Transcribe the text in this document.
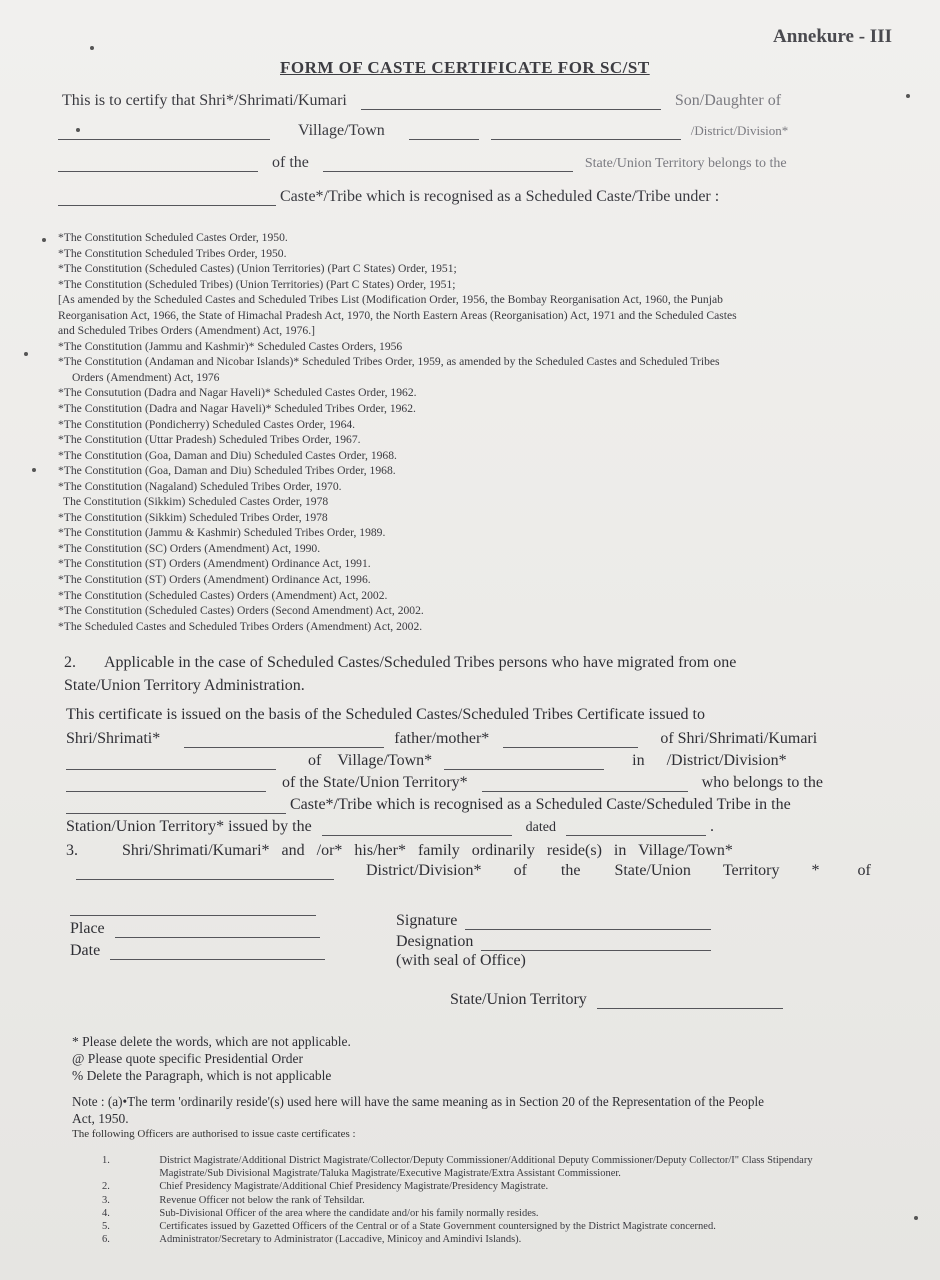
Annekure - III
FORM OF CASTE CERTIFICATE FOR SC/ST
This is to certify that Shri*/Shrimati/Kumari	Son/Daughter of
Village/Town	/District/Division*
of the	State/Union Territory belongs to the
Caste*/Tribe which is recognised as a Scheduled Caste/Tribe under :
*The Constitution Scheduled Castes Order, 1950.
*The Constitution Scheduled Tribes Order, 1950.
*The Constitution (Scheduled Castes) (Union Territories) (Part C States) Order, 1951;
*The Constitution (Scheduled Tribes) (Union Territories) (Part C States) Order, 1951;
[As amended by the Scheduled Castes and Scheduled Tribes List (Modification Order, 1956, the Bombay Reorganisation Act, 1960, the Punjab
Reorganisation Act, 1966, the State of Himachal Pradesh Act, 1970, the North Eastern Areas (Reorganisation) Act, 1971 and the Scheduled Castes
and Scheduled Tribes Orders (Amendment) Act, 1976.]
*The Constitution (Jammu and Kashmir)* Scheduled Castes Orders, 1956
*The Constitution (Andaman and Nicobar Islands)* Scheduled Tribes Order, 1959, as amended by the Scheduled Castes and Scheduled Tribes
Orders (Amendment) Act, 1976
*The Consutution (Dadra and Nagar Haveli)* Scheduled Castes Order, 1962.
*The Constitution (Dadra and Nagar Haveli)* Scheduled Tribes Order, 1962.
*The Constitution (Pondicherry) Scheduled Castes Order, 1964.
*The Constitution (Uttar Pradesh) Scheduled Tribes Order, 1967.
*The Constitution (Goa, Daman and Diu) Scheduled Castes Order, 1968.
*The Constitution (Goa, Daman and Diu) Scheduled Tribes Order, 1968.
*The Constitution (Nagaland) Scheduled Tribes Order, 1970.
The Constitution (Sikkim) Scheduled Castes Order, 1978
*The Constitution (Sikkim) Scheduled Tribes Order, 1978
*The Constitution (Jammu & Kashmir) Scheduled Tribes Order, 1989.
*The Constitution (SC) Orders (Amendment) Act, 1990.
*The Constitution (ST) Orders (Amendment) Ordinance Act, 1991.
*The Constitution (ST) Orders (Amendment) Ordinance Act, 1996.
*The Constitution (Scheduled Castes) Orders (Amendment) Act, 2002.
*The Constitution (Scheduled Castes) Orders (Second Amendment) Act, 2002.
*The Scheduled Castes and Scheduled Tribes Orders (Amendment) Act, 2002.
2. Applicable in the case of Scheduled Castes/Scheduled Tribes persons who have migrated from one
State/Union Territory Administration.
This certificate is issued on the basis of the Scheduled Castes/Scheduled Tribes Certificate issued to
Shri/Shrimati*	father/mother*	of Shri/Shrimati/Kumari
of Village/Town*	in /District/Division*
of the State/Union Territory*	who belongs to the
Caste*/Tribe which is recognised as a Scheduled Caste/Scheduled Tribe in the
Station/Union Territory* issued by the	dated	.
3.	Shri/Shrimati/Kumari* and /or* his/her* family ordinarily reside(s) in Village/Town*
District/Division* of the State/Union Territory * of
Place
Date
Signature
Designation
(with seal of Office)
State/Union Territory
* Please delete the words, which are not applicable.
@ Please quote specific Presidential Order
% Delete the Paragraph, which is not applicable
Note : (a)•The term 'ordinarily reside'(s) used here will have the same meaning as in Section 20 of the Representation of the People
Act, 1950.
The following Officers are authorised to issue caste certificates :
1.	District Magistrate/Additional District Magistrate/Collector/Deputy Commissioner/Additional Deputy Commissioner/Deputy Collector/I" Class Stipendary
Magistrate/Sub Divisional Magistrate/Taluka Magistrate/Executive Magistrate/Extra Assistant Commissioner.
2.	Chief Presidency Magistrate/Additional Chief Presidency Magistrate/Presidency Magistrate.
3.	Revenue Officer not below the rank of Tehsildar.
4.	Sub-Divisional Officer of the area where the candidate and/or his family normally resides.
5.	Certificates issued by Gazetted Officers of the Central or of a State Government countersigned by the District Magistrate concerned.
6.	Administrator/Secretary to Administrator (Laccadive, Minicoy and Amindivi Islands).
